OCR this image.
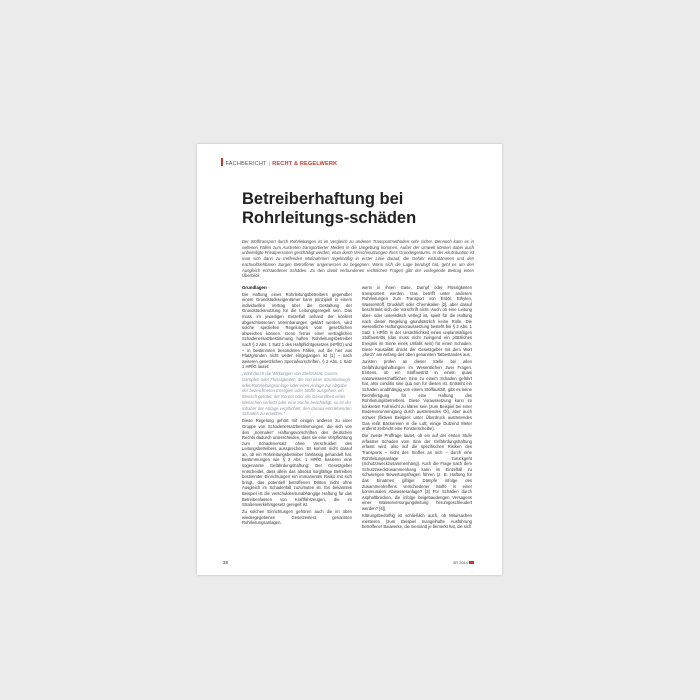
FACHBERICHT | RECHT & REGELWERK
Betreiberhaftung bei Rohrleitungs-schäden

Der Stofftransport durch Rohrleitungen ist im Vergleich zu anderen Transportmethoden sehr sicher. Dennoch kann es in seltenen Fällen zum Austreten transportierter Medien in die Umgebung kommen. Außer der Umwelt können dabei auch unbeteiligte Privatpersonen geschädigt werden, etwa durch Verschmutzungen ihres Grundeigentums. In der Akutsituation ist man sich dann zu treffenden Maßnahmen regelmäßig in erster Linie darauf, die Gefahr einzudämmen und den nachvollziehbaren Sorgen Betroffener angemessen zu begegnen. Wenn sich die Lage beruhigt hat, geht es um den Ausgleich entstandener Schäden. Zu den damit verbundenen rechtlichen Fragen gibt der vorliegende Beitrag einen Überblick.

Grundlagen

Die Haftung eines Rohrleitungsbetreibers gegenüber einem Grundstückseigentümer kann prinzipiell in einem individuellen Vertrag über die Gestaltung der Grundstücksnutzung für die Leitungsgeregelt sein. Das muss im jeweiligen Einzelfall anhand der konkret abgeschlossenen Vereinbarungen geklärt werden, wird solche speziellen Regelungen vom gesetzlichen abweichen können. Denn ferner einer vertraglichen Schadenersatzbestimmung haften Rohrleitungsbetreiber nach § 2 Abs. 1 Satz 1 des Haftpflichtgesetzes (HPflG) und – in bestimmten besonderen Fällen, auf die hier aus Platzgründen nicht weiter eingegangen ist [1] – nach weiteren gesetzlichen Spezialvorschriften. § 2 Abs. 1 Satz 1 HPflG lautet:

„Wird durch die Wirkungen von Elektrizität, Gasen, Dämpfen oder Flüssigkeiten, die von einer Stromleitungs- oder Rohrleitungsanlage oder einer Anlage zur Abgabe der bezeichneten Energien oder Stoffe ausgehen, ein Mensch getötet, der Körper oder die Gesundheit eines Menschen verletzt oder eine Sache beschädigt, so ist der Inhaber der Anlage verpflichtet, den daraus entstehenden Schaden zu ersetzen.“

Diese Regelung gehört mit einigen anderen zu einer Gruppe von Schadenersatzbestimmungen, die sich von den „normalen“ Haftungsvorschriften des deutschen Rechts dadurch unterscheiden, dass sie eine Verpflichtung zum Schadenersatz ohne Verschulden des Leitungsbetreibers aussprechen. Es kommt nicht darauf an, ob ein Rohrleitungsbetreiber fahrlässig gehandelt hat. Bestimmungen wie § 2 Abs. 1 HPflG basieren eine sogenannte Gefährdungshaftung: Der Gesetzgeber entscheidet, dass allein das absolut sorgfältige Betreiben bestimmter Einrichtungen ein immanentes Risiko mit sich bringt, das potentiell betroffenen Dritten nicht ohne Ausgleich im Schadenfall zuzumuten ist. Ein bekanntes Beispiel ist die verschuldensunabhängige Haftung für das Betreibenlassen von Kraftfahrzeugen, die im Straßenverkehrsgesetz geregelt ist.

Zu solchen Einrichtungen gehören auch die im oben wiedergegebenen Gesetzestext genannten Rohrleitungsanlagen,

wenn in ihnen Gase, Dampf oder Flüssigkeiten transportiert werden. Das betrifft unter anderem Rohrleitungen zum Transport von Erdöl, Ethylen, Wasserstoff, Druckluft oder Chemikalien [2], aber darauf beschränkt sich die Vorschrift nicht. Auch ob eine Leitung über- oder unterirdisch verlegt ist, spielt für die Haftung nach dieser Regelung grundsätzlich keine Rolle. Die wesentliche Haftungsvoraussetzung besteht bei § 2 Abs. 1 Satz 1 HPflG in der Ursächlichkeit eines unplanmäßigen Stoffaustritts (das muss nicht zwingend ein plötzliches Ereignis im Sinne eines Unfalls sein) für einen Schaden. Diese Kausalität drückt der Gesetzgeber mit dem Wort „durch“ am Anfang des oben genannten Tatbestandes aus.

Juristen prüfen an dieser Stelle bei allen Gefährdungshaftungen im Wesentlichen zwei Fragen. Erstens, ob ein Stoffaustritt in einem quasi naturwissenschaftlichen Sinn zu einem Schaden geführt hat, also conditio sine qua non für diesen ist. Entsteht ein Schaden unabhängig von einem Stoffaustritt, gibt es keine Rechtfertigung für eine Haftung des Rohrleitungsbetreibers. Diese Voraussetzung kann im konkreten Fall leicht zu klären sein (zum Beispiel bei einer Bodenverunreinigung durch austretendes Öl), aber auch schwer (fiktives Beispiel: unter Überdruck austretendes Gas reißt Bäckereien in die Luft; einige Dutzend Meter entfernt zerbricht eine Fensterscheibe).

Die zweite Prüffrage lautet, ob ein auf der ersten Stufe erfasster Schaden vom Sinn der Gefährdungshaftung erfasst wird, also auf die spezifischen Risiken des Transports – nicht des Stoffes an sich – durch eine Rohrleitungsanlage zurückgeht (Schutzzweckzusammenhang). Auch die Frage nach dem Schutzzweckzusammenhang kann im Einzelfall zu schwierigen Bewertungsfragen führen (z. B. Haftung für das Einatmen giftiger Dämpfe infolge des Zusammentreffens verschiedener Stoffe in einer kommunalen Abwasseranlage? [3] Für Schäden durch Asphaltbrocken, die infolge beigebauderigen Versagens einer Wasserversorgungsleitung herumgeschleudert werden? [4]).

Klärungsbedürftig ist schließlich auch, ob Mitursachen existieren (zum Beispiel mangelhafte Ausführung betroffener Bauwerke, die niemand je bemerkt hat, die sich

38	3R 2014
